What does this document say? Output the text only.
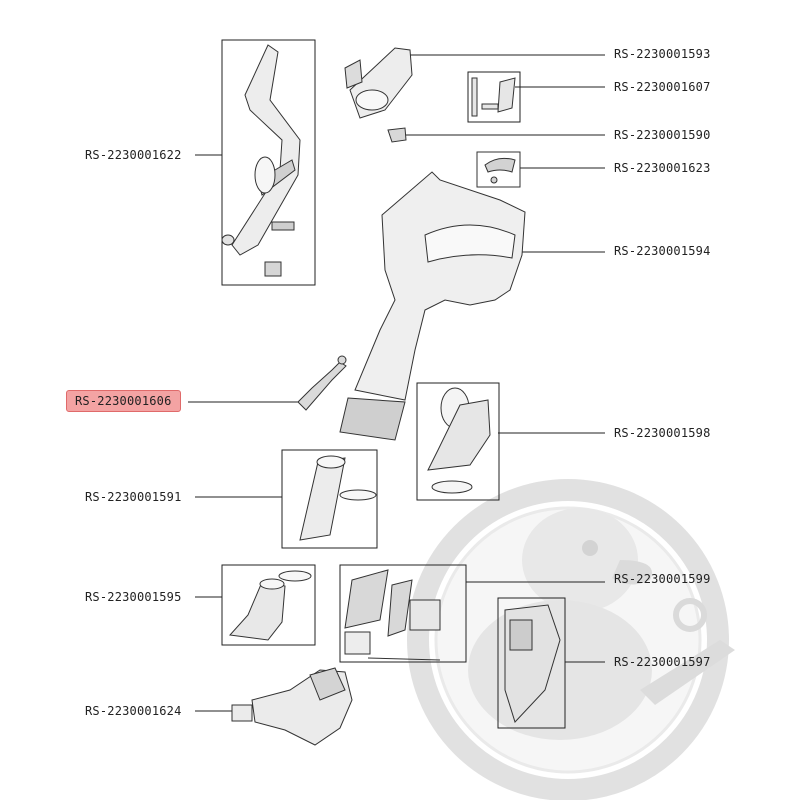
RS-2230001593
RS-2230001607
RS-2230001590
RS-2230001623
RS-2230001594
RS-2230001622
RS-2230001606
RS-2230001598
RS-2230001591
RS-2230001595
RS-2230001599
RS-2230001597
RS-2230001624
